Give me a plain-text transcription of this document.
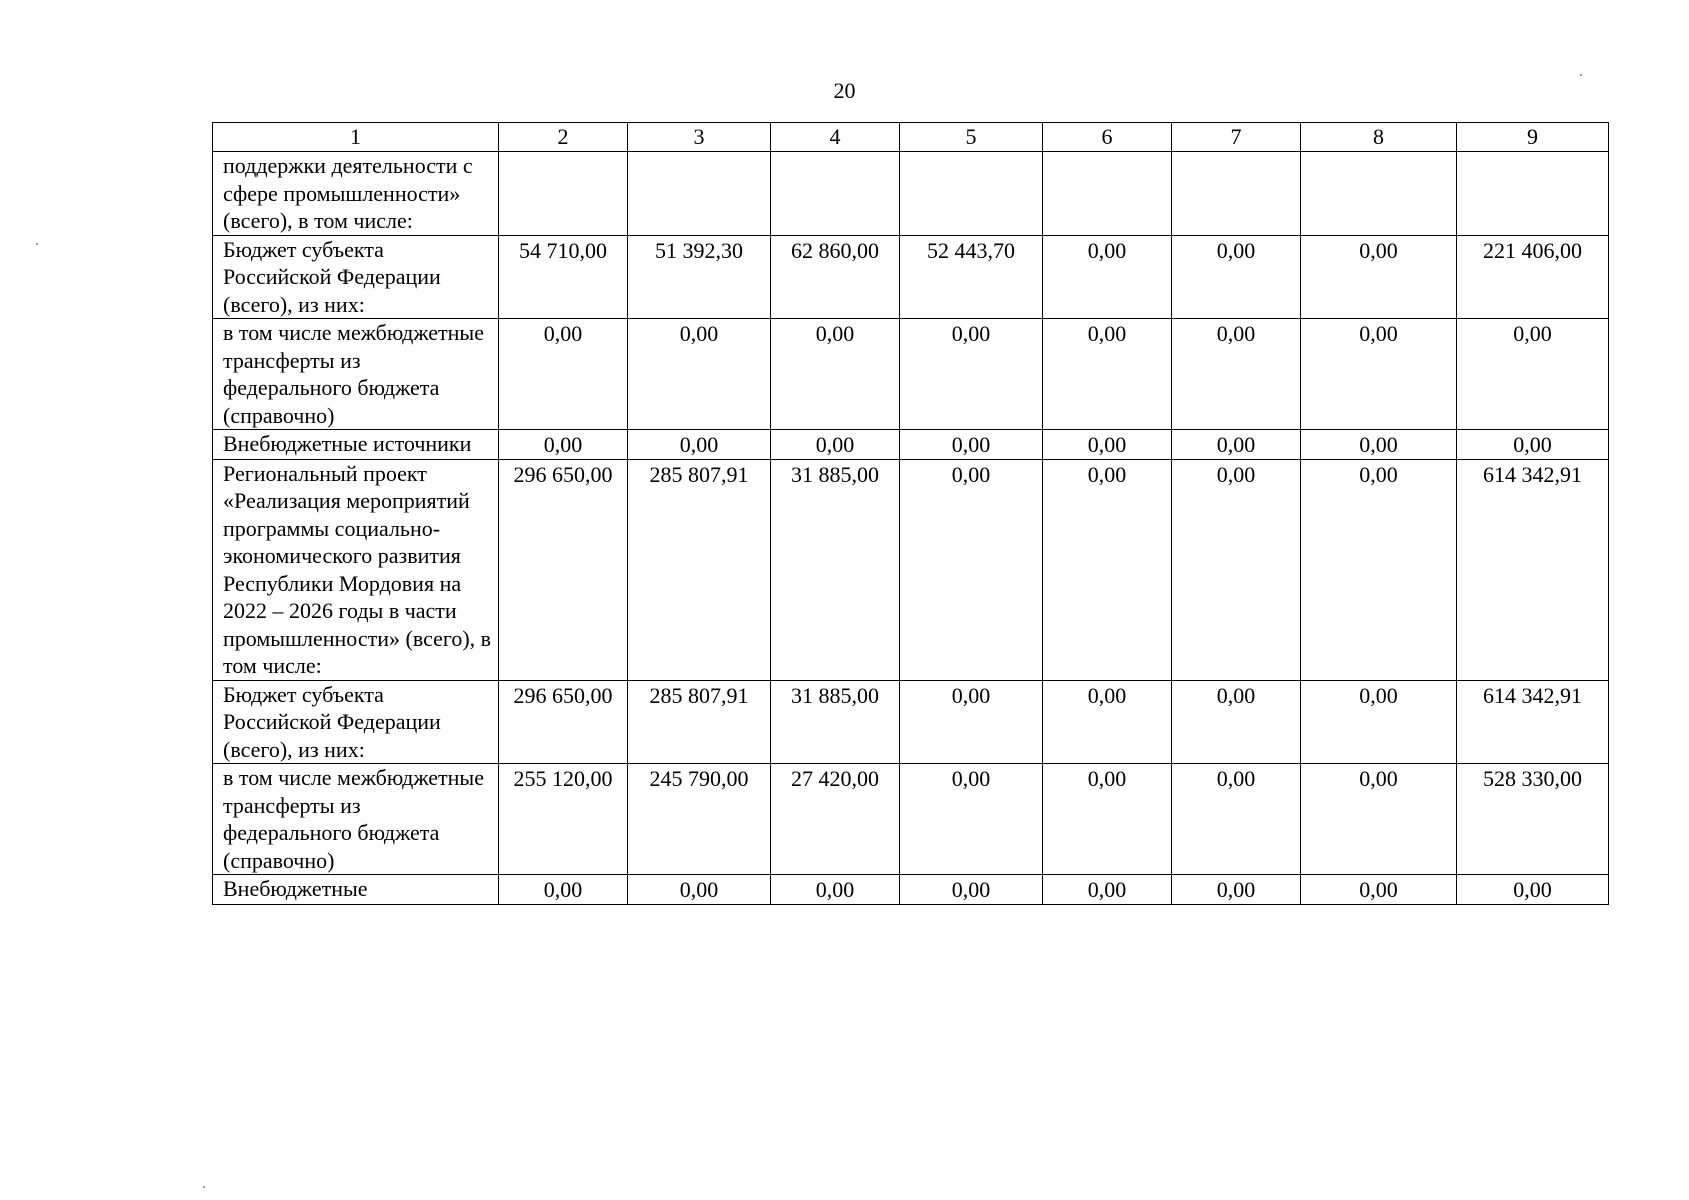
20
1	2	3	4	5	6	7	8	9
поддержки деятельности с сфере промышленности» (всего), в том числе:								
Бюджет субъекта Российской Федерации (всего), из них:	54 710,00	51 392,30	62 860,00	52 443,70	0,00	0,00	0,00	221 406,00
в том числе межбюджетные трансферты из федерального бюджета (справочно)	0,00	0,00	0,00	0,00	0,00	0,00	0,00	0,00
Внебюджетные источники	0,00	0,00	0,00	0,00	0,00	0,00	0,00	0,00
Региональный проект «Реализация мероприятий программы социально-экономического развития Республики Мордовия на 2022 – 2026 годы в части промышленности» (всего), в том числе:	296 650,00	285 807,91	31 885,00	0,00	0,00	0,00	0,00	614 342,91
Бюджет субъекта Российской Федерации (всего), из них:	296 650,00	285 807,91	31 885,00	0,00	0,00	0,00	0,00	614 342,91
в том числе межбюджетные трансферты из федерального бюджета (справочно)	255 120,00	245 790,00	27 420,00	0,00	0,00	0,00	0,00	528 330,00
Внебюджетные	0,00	0,00	0,00	0,00	0,00	0,00	0,00	0,00
